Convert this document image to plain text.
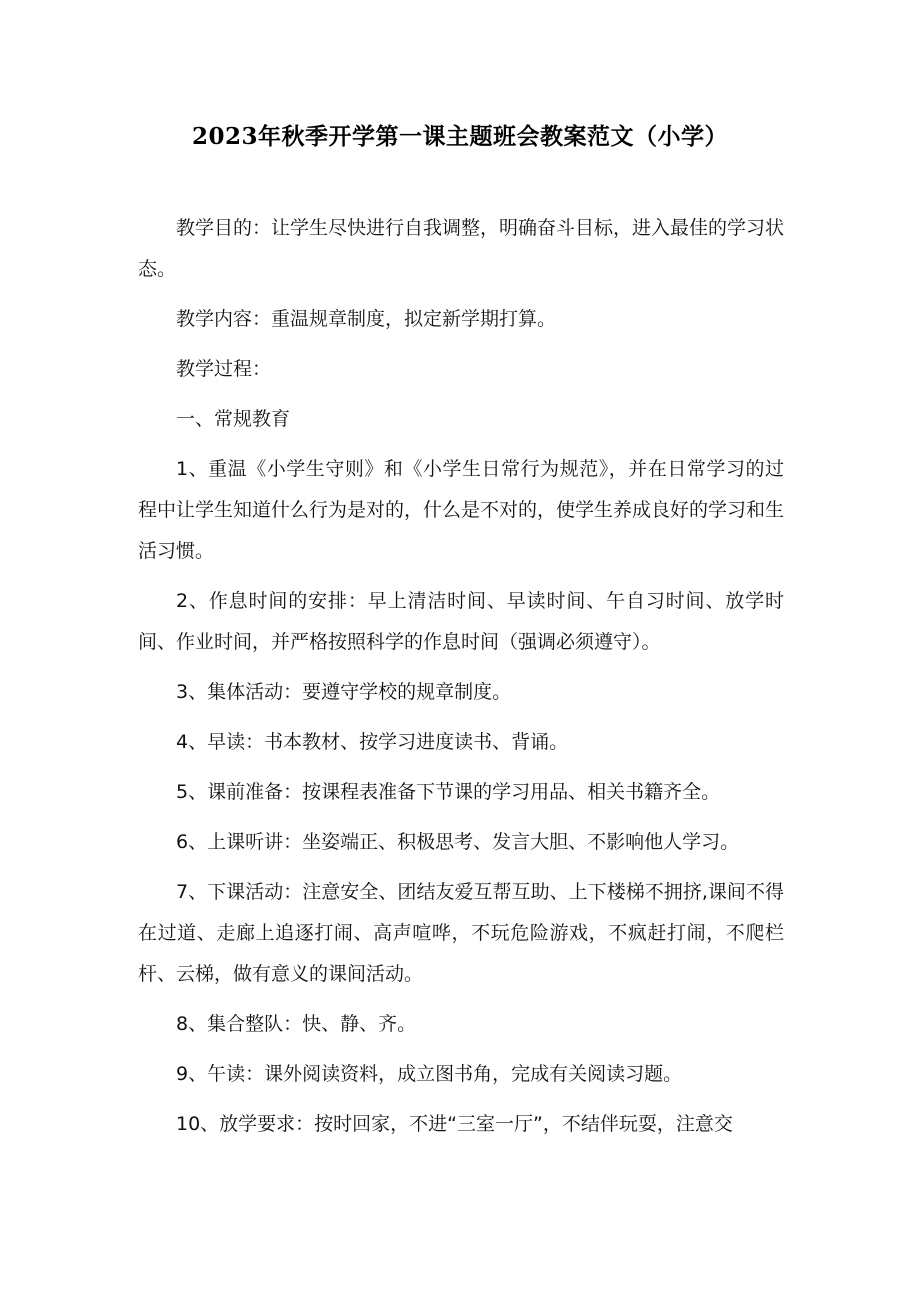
2023年秋季开学第一课主题班会教案范文（小学）

教学目的：让学生尽快进行自我调整，明确奋斗目标，进入最佳的学习状态。

教学内容：重温规章制度，拟定新学期打算。

教学过程：

一、常规教育

1、重温《小学生守则》和《小学生日常行为规范》，并在日常学习的过程中让学生知道什么行为是对的，什么是不对的，使学生养成良好的学习和生活习惯。

2、作息时间的安排：早上清洁时间、早读时间、午自习时间、放学时间、作业时间，并严格按照科学的作息时间（强调必须遵守）。

3、集体活动：要遵守学校的规章制度。

4、早读：书本教材、按学习进度读书、背诵。

5、课前准备：按课程表准备下节课的学习用品、相关书籍齐全。

6、上课听讲：坐姿端正、积极思考、发言大胆、不影响他人学习。

7、下课活动：注意安全、团结友爱互帮互助、上下楼梯不拥挤,课间不得在过道、走廊上追逐打闹、高声喧哗，不玩危险游戏，不疯赶打闹，不爬栏杆、云梯，做有意义的课间活动。

8、集合整队：快、静、齐。

9、午读：课外阅读资料，成立图书角，完成有关阅读习题。

10、放学要求：按时回家，不进“三室一厅”，不结伴玩耍，注意交
